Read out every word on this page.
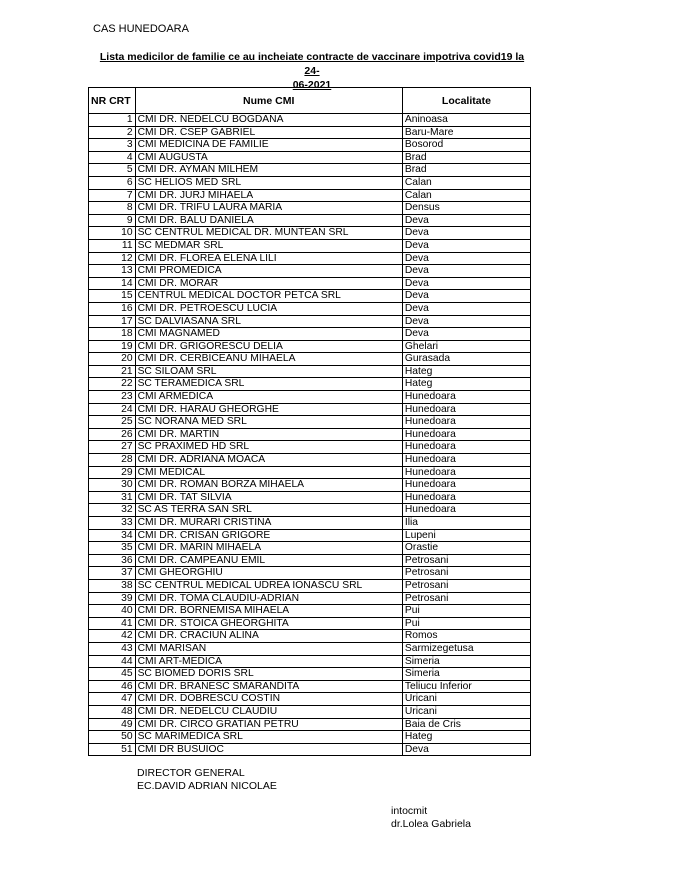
CAS HUNEDOARA
Lista medicilor de familie ce au incheiate contracte de vaccinare impotriva covid19 la 24-
06-2021
NR CRT	Nume CMI	Localitate
1	CMI DR. NEDELCU BOGDANA	Aninoasa
2	CMI DR. CSEP GABRIEL	Baru-Mare
3	CMI MEDICINA DE FAMILIE	Bosorod
4	CMI AUGUSTA	Brad
5	CMI DR. AYMAN MILHEM	Brad
6	SC HELIOS MED SRL	Calan
7	CMI DR. JURJ MIHAELA	Calan
8	CMI DR. TRIFU LAURA MARIA	Densus
9	CMI DR. BALU DANIELA	Deva
10	SC CENTRUL MEDICAL DR. MUNTEAN SRL	Deva
11	SC MEDMAR SRL	Deva
12	CMI DR. FLOREA ELENA LILI	Deva
13	CMI PROMEDICA	Deva
14	CMI DR. MORAR	Deva
15	CENTRUL MEDICAL DOCTOR PETCA SRL	Deva
16	CMI DR. PETROESCU LUCIA	Deva
17	SC DALVIASANA SRL	Deva
18	CMI MAGNAMED	Deva
19	CMI DR. GRIGORESCU DELIA	Ghelari
20	CMI DR. CERBICEANU MIHAELA	Gurasada
21	SC SILOAM SRL	Hateg
22	SC TERAMEDICA SRL	Hateg
23	CMI ARMEDICA	Hunedoara
24	CMI DR. HARAU GHEORGHE	Hunedoara
25	SC NORANA MED SRL	Hunedoara
26	CMI DR. MARTIN	Hunedoara
27	SC PRAXIMED HD SRL	Hunedoara
28	CMI DR. ADRIANA MOACA	Hunedoara
29	CMI MEDICAL	Hunedoara
30	CMI DR. ROMAN BORZA MIHAELA	Hunedoara
31	CMI DR. TAT SILVIA	Hunedoara
32	SC AS TERRA SAN SRL	Hunedoara
33	CMI DR. MURARI CRISTINA	Ilia
34	CMI DR. CRISAN GRIGORE	Lupeni
35	CMI DR. MARIN MIHAELA	Orastie
36	CMI DR. CAMPEANU EMIL	Petrosani
37	CMI GHEORGHIU	Petrosani
38	SC CENTRUL MEDICAL UDREA IONASCU SRL	Petrosani
39	CMI DR. TOMA CLAUDIU-ADRIAN	Petrosani
40	CMI DR. BORNEMISA MIHAELA	Pui
41	CMI DR. STOICA GHEORGHITA	Pui
42	CMI DR. CRACIUN ALINA	Romos
43	CMI MARISAN	Sarmizegetusa
44	CMI ART-MEDICA	Simeria
45	SC BIOMED DORIS SRL	Simeria
46	CMI DR. BRANESC SMARANDITA	Teliucu Inferior
47	CMI DR. DOBRESCU COSTIN	Uricani
48	CMI DR. NEDELCU CLAUDIU	Uricani
49	CMI DR. CIRCO GRATIAN PETRU	Baia de Cris
50	SC MARIMEDICA SRL	Hateg
51	CMI DR BUSUIOC	Deva
DIRECTOR GENERAL
EC.DAVID ADRIAN NICOLAE
intocmit
dr.Lolea Gabriela
